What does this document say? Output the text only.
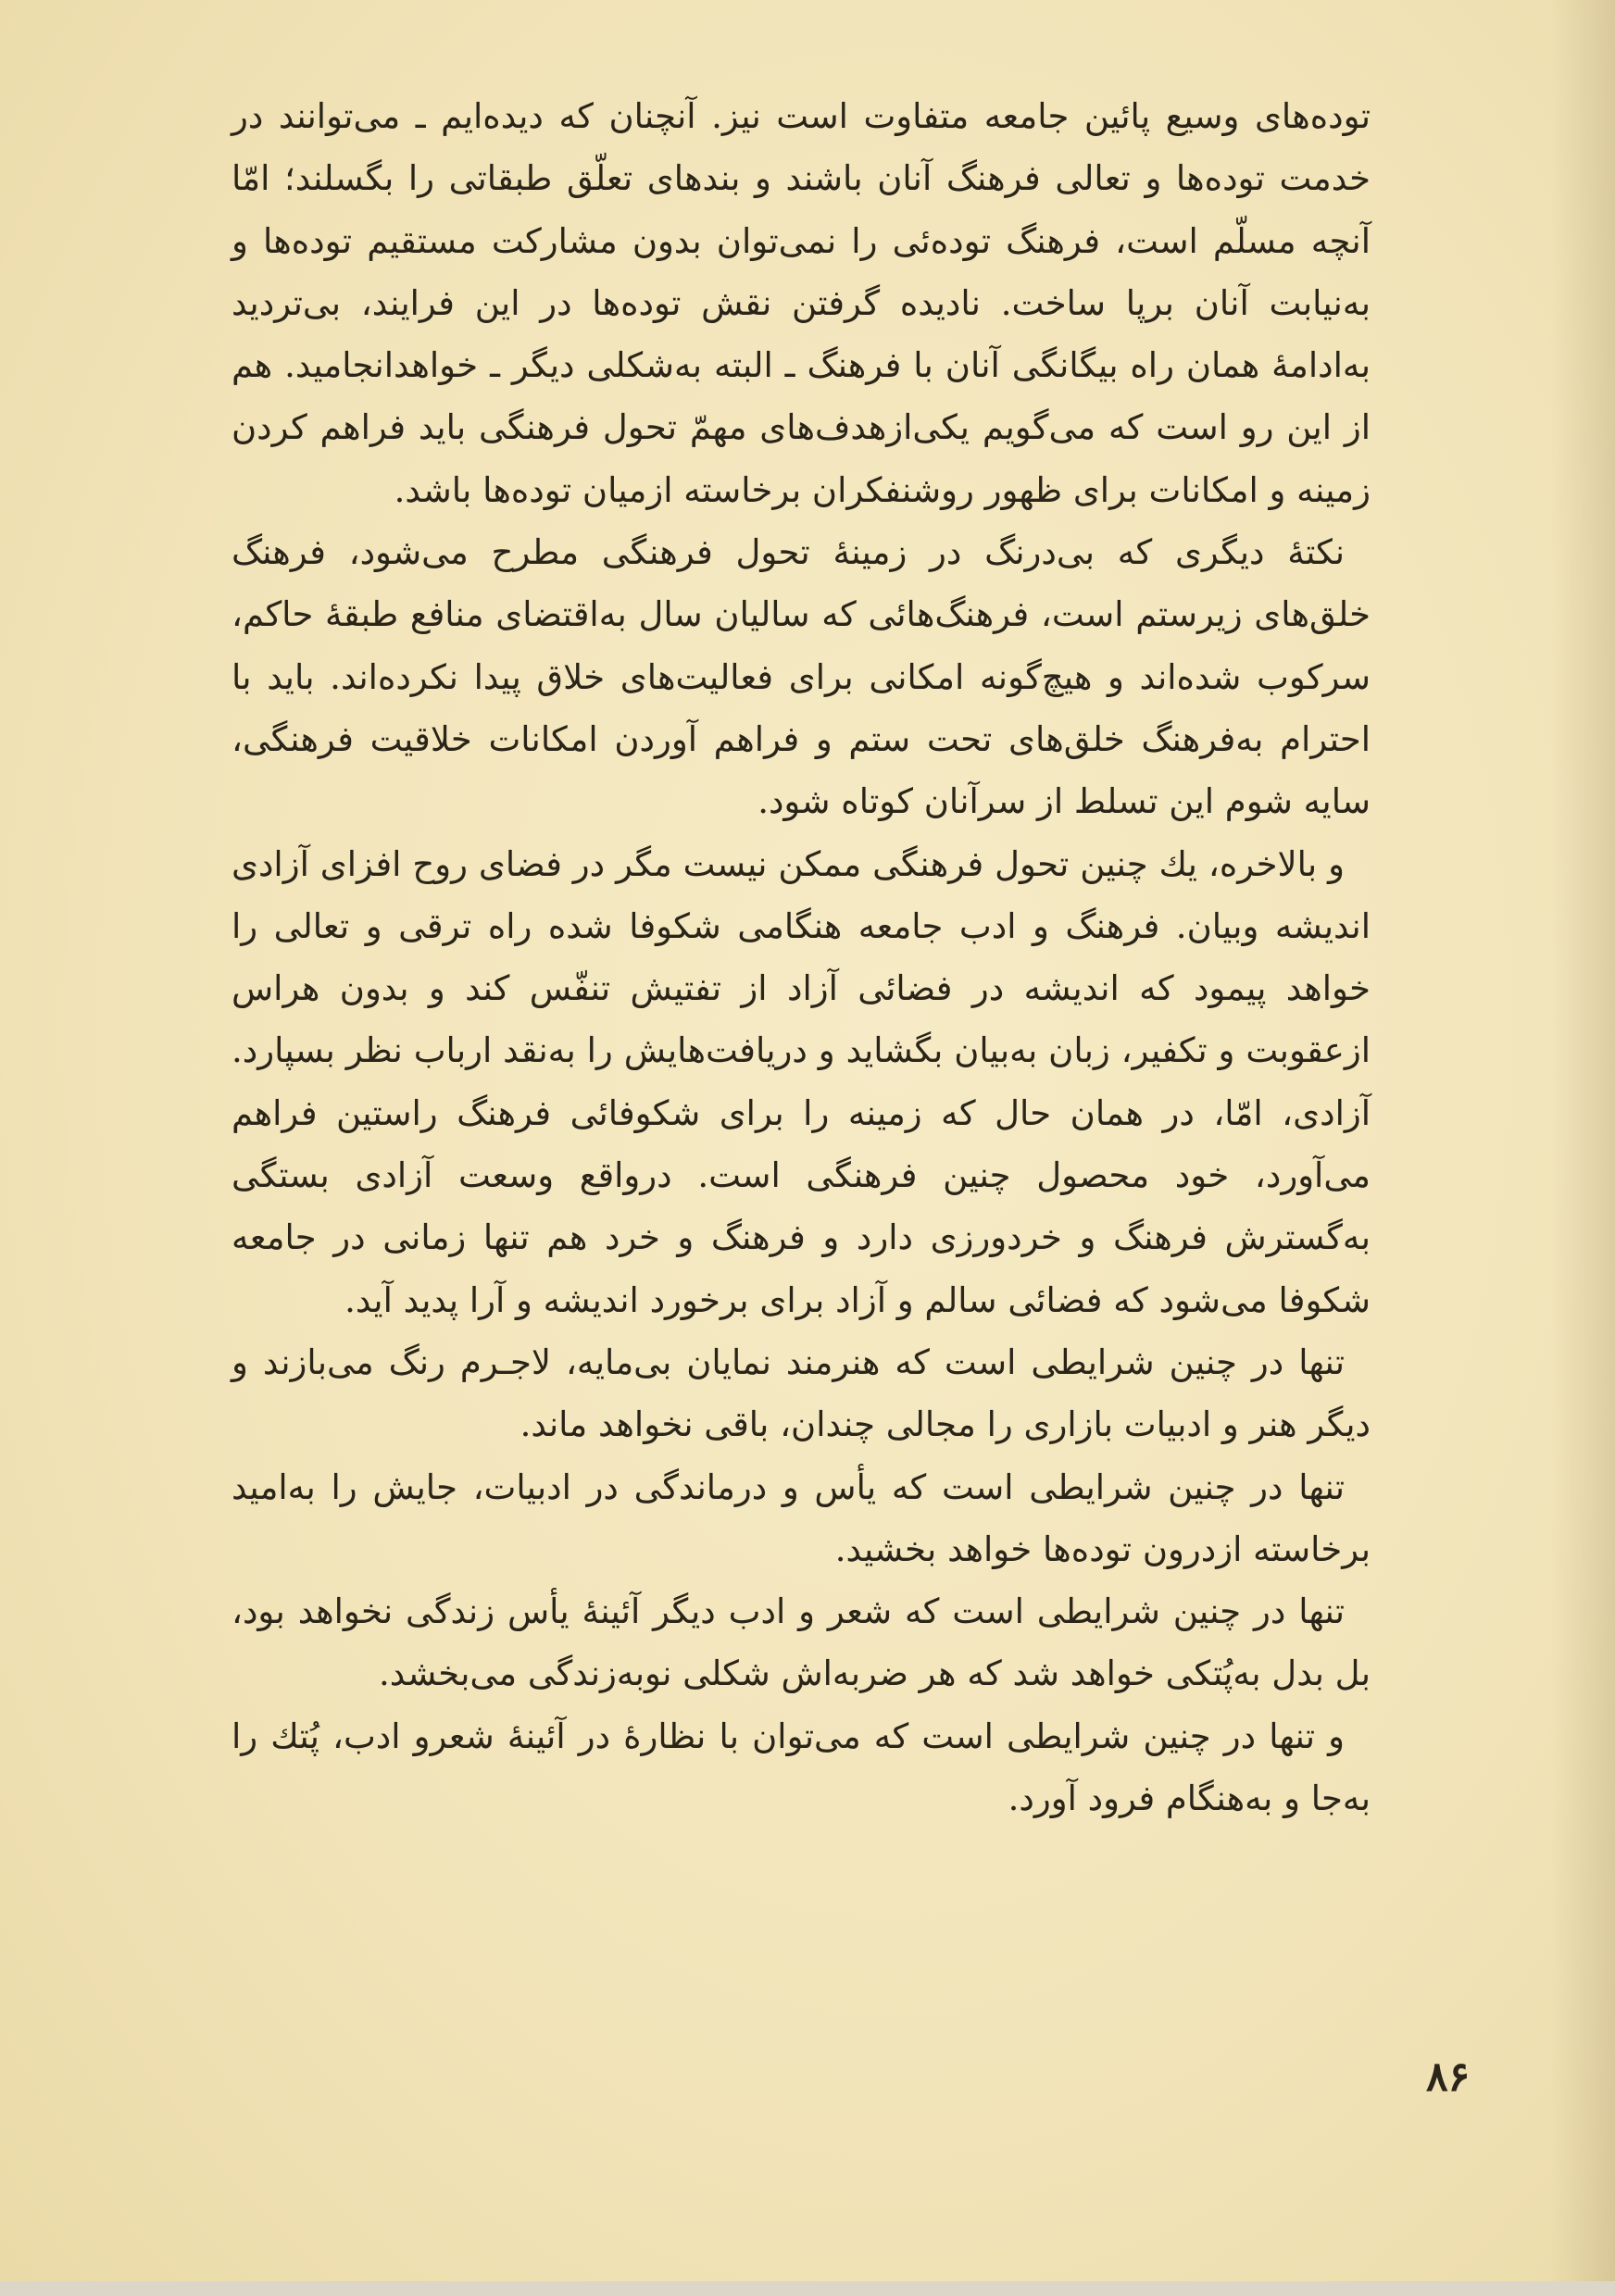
توده‌های وسیع پائین جامعه متفاوت است نیز. آنچنان که دیده‌ایم ـ می‌توانند در خدمت توده‌ها و تعالی فرهنگ آنان باشند و بندهای تعلّق طبقاتی را بگسلند؛ امّا آنچه مسلّم است، فرهنگ توده‌ئی را نمی‌توان بدون مشارکت مستقیم توده‌ها و به‌نیابت آنان برپا ساخت. نادیده گرفتن نقش توده‌ها در این فرایند، بی‌تردید به‌ادامهٔ همان راه بیگانگی آنان با فرهنگ ـ البته به‌شکلی دیگر ـ خواهدانجامید. هم از این رو است که می‌گویم یکی‌ازهدف‌های مهمّ تحول فرهنگی باید فراهم کردن زمینه و امکانات برای ظهور روشنفکران برخاسته ازمیان توده‌ها باشد.

نکتهٔ دیگری که بی‌درنگ در زمینهٔ تحول فرهنگی مطرح می‌شود، فرهنگ خلق‌های زیرستم است، فرهنگ‌هائی که سالیان سال به‌اقتضای منافع طبقهٔ حاکم، سرکوب شده‌اند و هیچ‌گونه امکانی برای فعالیت‌های خلاق پیدا نکرده‌اند. باید با احترام به‌فرهنگ خلق‌های تحت ستم و فراهم آوردن امکانات خلاقیت فرهنگی، سایه شوم این تسلط از سرآنان کوتاه شود.

و بالاخره، یك چنین تحول فرهنگی ممکن نیست مگر در فضای روح افزای آزادی اندیشه وبیان. فرهنگ و ادب جامعه هنگامی شکوفا شده راه ترقی و تعالی را خواهد پیمود که اندیشه در فضائی آزاد از تفتیش تنفّس کند و بدون هراس ازعقوبت و تکفیر، زبان به‌بیان بگشاید و دریافت‌هایش را به‌نقد ارباب نظر بسپارد. آزادی، امّا، در همان حال که زمینه را برای شکوفائی فرهنگ راستین فراهم می‌آورد، خود محصول چنین فرهنگی است. درواقع وسعت آزادی بستگی به‌گسترش فرهنگ و خردورزی دارد و فرهنگ و خرد هم تنها زمانی در جامعه شکوفا می‌شود که فضائی سالم و آزاد برای برخورد اندیشه و آرا پدید آید.

تنها در چنین شرایطی است که هنرمند نمایان بی‌مایه، لاجـرم رنگ می‌بازند و دیگر هنر و ادبیات بازاری را مجالی چندان، باقی نخواهد ماند.

تنها در چنین شرایطی است که یأس و درماندگی در ادبیات، جایش را به‌امید برخاسته ازدرون توده‌ها خواهد بخشید.

تنها در چنین شرایطی است که شعر و ادب دیگر آئینهٔ یأس زندگی نخواهد بود، بل بدل به‌پُتکی خواهد شد که هر ضربه‌اش شکلی نوبه‌زندگی می‌بخشد.

و تنها در چنین شرایطی است که می‌توان با نظارهٔ در آئینهٔ شعرو ادب، پُتك را به‌جا و به‌هنگام فرود آورد.

۸۶
